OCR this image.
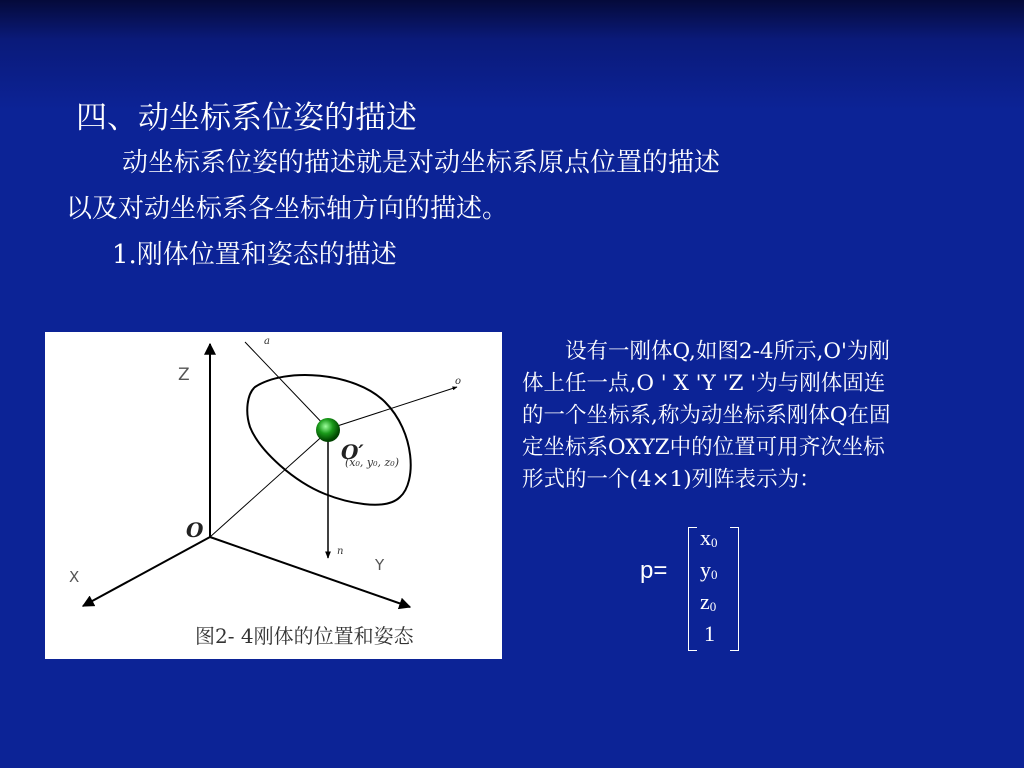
四、动坐标系位姿的描述
动坐标系位姿的描述就是对动坐标系原点位置的描述
以及对动坐标系各坐标轴方向的描述。
1.刚体位置和姿态的描述
Z
X
Y
O
O′
(x₀, y₀, z₀)
a
o
n
图2- 4刚体的位置和姿态
　　设有一刚体Q,如图2-4所示,O'为刚
体上任一点,O ' X 'Y 'Z '为与刚体固连
的一个坐标系,称为动坐标系刚体Q在固
定坐标系OXYZ中的位置可用齐次坐标
形式的一个(4×1)列阵表示为：
p=
$x_0$
$y_0$
$z_0$
1
